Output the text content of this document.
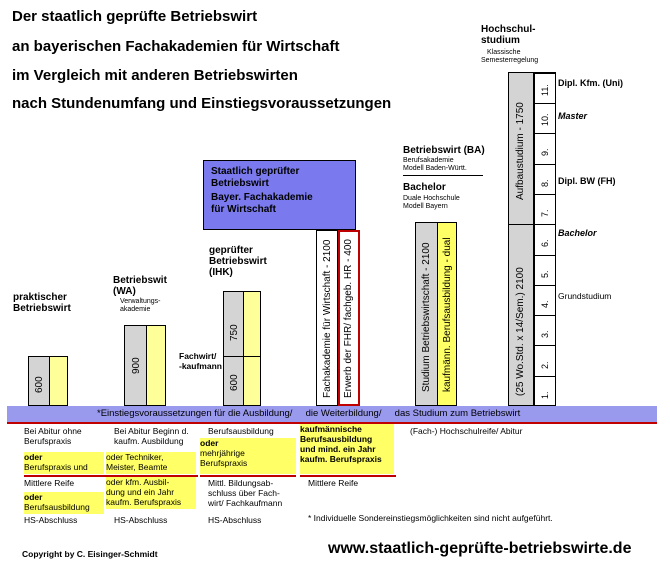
Der staatlich geprüfte Betriebswirt
an bayerischen Fachakademien für Wirtschaft
im Vergleich mit anderen Betriebswirten
nach Stundenumfang und Einstiegsvoraussetzungen
praktischer
Betriebswirt
600
Betriebswit
(WA)
Verwaltungs-
akademie
900
geprüfter
Betriebswirt
(IHK)
Fachwirt/
-kaufmann
600
750
Staatlich geprüfter
Betriebswirt
Bayer. Fachakademie
für Wirtschaft
Fachakademie für Wirtschaft - 2100 Erwerb der FHR/ fachgeb. HR - 400
Betriebswirt (BA)
Berufsakademie
Modell Baden-Württ.
Bachelor
Duale Hochschule
Modell Bayern
Studium Betriebswirtschaft - 2100 kaufmänn. Berufsausbildung - dual
Hochschul-
studium
Klassische
Semesterregelung
Aufbaustudium - 1750
(25 Wo.Std. x 14/Sem.) 2100 1.
2.
3.
4.
5.
6.
7.
8.
9.
10.
11.
Dipl. Kfm. (Uni)
Master
Dipl. BW (FH)
Bachelor
Grundstudium
*Einstiegsvoraussetzungen für die Ausbildung/     die Weiterbildung/     das Studium zum Betriebswirt
Bei Abitur ohne
Berufspraxis
oder
Berufspraxis und
Mittlere Reife
oder
Berufsausbildung
HS-Abschluss
Bei Abitur Beginn d.
kaufm. Ausbildung
oder Techniker,
Meister, Beamte
oder kfm. Ausbil-
dung und ein Jahr
kaufm. Berufspraxis
HS-Abschluss
Berufsausbildung
oder
mehrjährige
Berufspraxis
Mittl. Bildungsab-
schluss über Fach-
wirt/ Fachkaufmann
HS-Abschluss
kaufmännische
Berufsausbildung
und mind. ein Jahr
kaufm. Berufspraxis
Mittlere Reife
(Fach-) Hochschulreife/ Abitur
* Individuelle Sondereinstiegsmöglichkeiten sind nicht aufgeführt.
Copyright by C. Eisinger-Schmidt	www.staatlich-geprüfte-betriebswirte.de
